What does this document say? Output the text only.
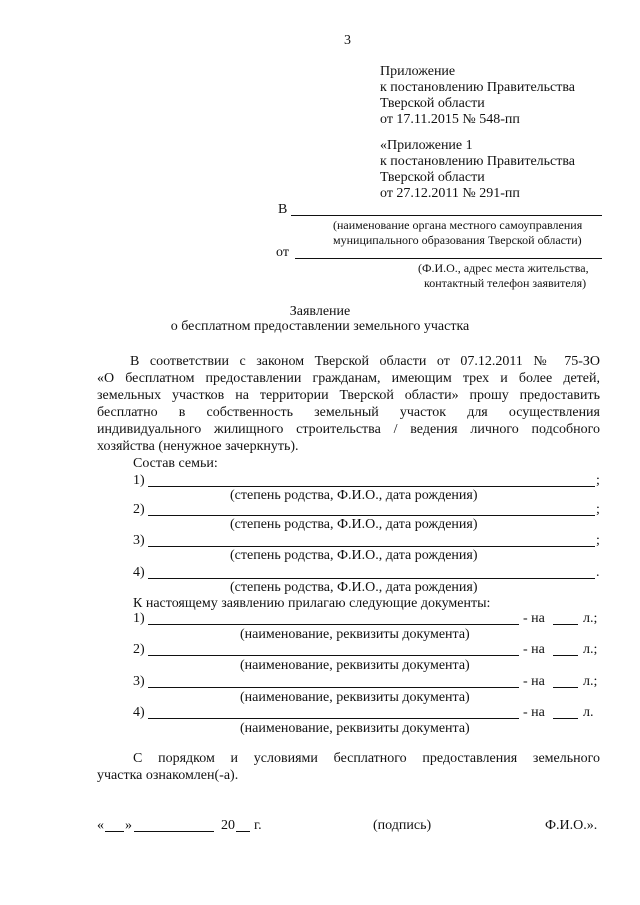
3
Приложение
к постановлению Правительства
Тверской области
от 17.11.2015 № 548-пп
«Приложение 1
к постановлению Правительства
Тверской области
от 27.12.2011 № 291-пп
В
(наименование органа местного самоуправления
муниципального образования Тверской области)
от
(Ф.И.О., адрес места жительства,
контактный телефон заявителя)
Заявление
о бесплатном предоставлении земельного участка
В соответствии с законом Тверской области от 07.12.2011 № 75-ЗО
«О бесплатном предоставлении гражданам, имеющим трех и более детей,
земельных участков на территории Тверской области» прошу предоставить
бесплатно в собственность земельный участок для осуществления
индивидуального жилищного строительства / ведения личного подсобного
хозяйства (ненужное зачеркнуть).
Состав семьи:
1)	;
(степень родства, Ф.И.О., дата рождения)
2)	;
(степень родства, Ф.И.О., дата рождения)
3)	;
(степень родства, Ф.И.О., дата рождения)
4)	.
(степень родства, Ф.И.О., дата рождения)
К настоящему заявлению прилагаю следующие документы:
1)	- на	л.;
(наименование, реквизиты документа)
2)	- на	л.;
(наименование, реквизиты документа)
3)	- на	л.;
(наименование, реквизиты документа)
4)	- на	л.
(наименование, реквизиты документа)
С порядком и условиями бесплатного предоставления земельного
участка ознакомлен(-а).
« »	20 г.	(подпись)	Ф.И.О.».
